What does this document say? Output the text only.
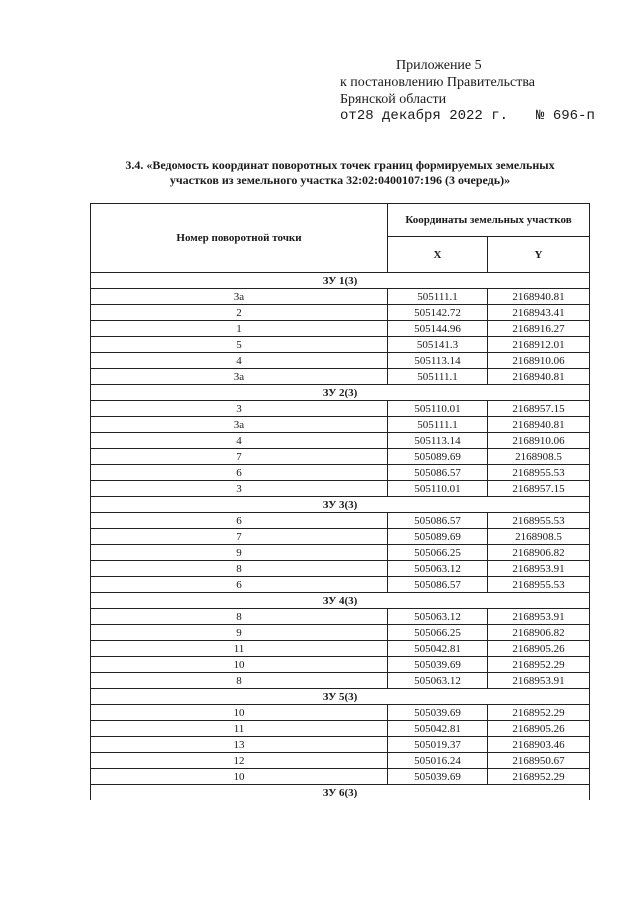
Приложение 5
к постановлению Правительства
Брянской области
от28 декабря 2022 г. № 696-п
3.4. «Ведомость координат поворотных точек границ формируемых земельных
участков из земельного участка 32:02:0400107:196 (3 очередь)»
Номер поворотной точки	Координаты земельных участков	
	X	Y
ЗУ 1(3)		
3а	505111.1	2168940.81
2	505142.72	2168943.41
1	505144.96	2168916.27
5	505141.3	2168912.01
4	505113.14	2168910.06
3а	505111.1	2168940.81
ЗУ 2(3)		
3	505110.01	2168957.15
3а	505111.1	2168940.81
4	505113.14	2168910.06
7	505089.69	2168908.5
6	505086.57	2168955.53
3	505110.01	2168957.15
ЗУ 3(3)		
6	505086.57	2168955.53
7	505089.69	2168908.5
9	505066.25	2168906.82
8	505063.12	2168953.91
6	505086.57	2168955.53
ЗУ 4(3)		
8	505063.12	2168953.91
9	505066.25	2168906.82
11	505042.81	2168905.26
10	505039.69	2168952.29
8	505063.12	2168953.91
ЗУ 5(3)		
10	505039.69	2168952.29
11	505042.81	2168905.26
13	505019.37	2168903.46
12	505016.24	2168950.67
10	505039.69	2168952.29
ЗУ 6(3)		
